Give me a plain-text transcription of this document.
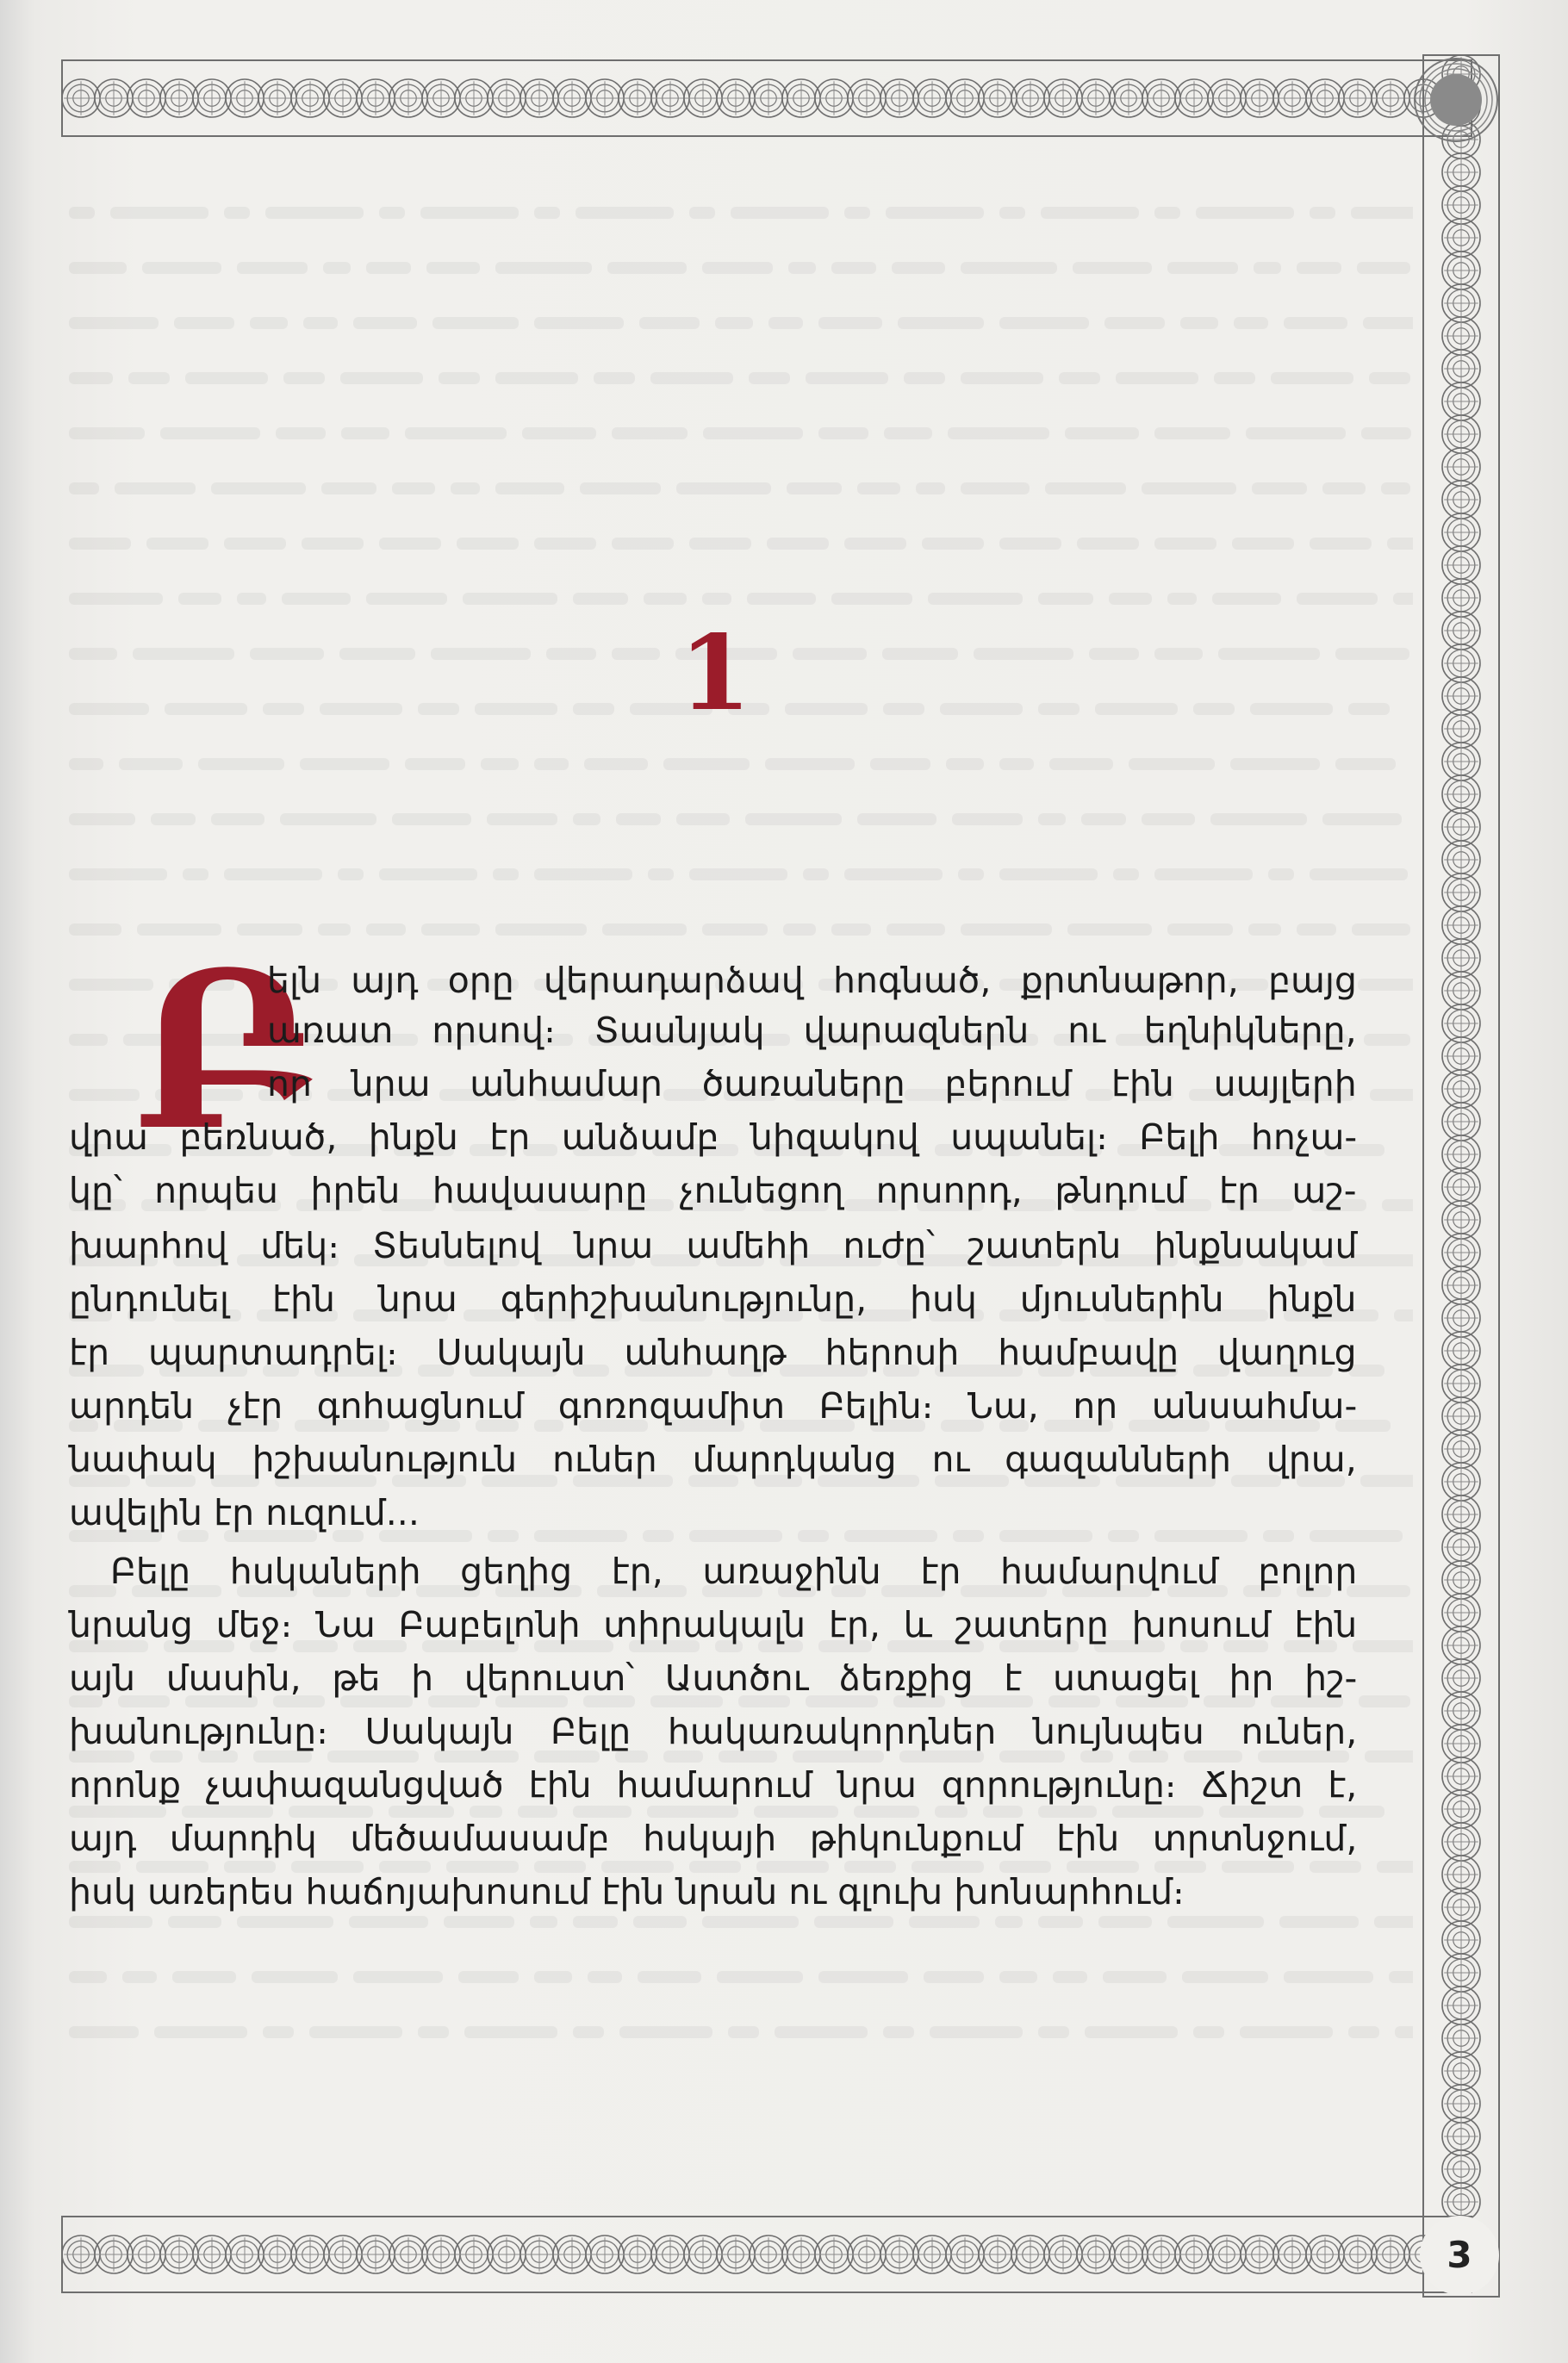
1
Բ
ելն այդ օրը վերադարձավ հոգնած, քրտնաթոր, բայց
առատ որսով։ Տասնյակ վարազներն ու եղնիկները,
որ նրա անհամար ծառաները բերում էին սայլերի
վրա բեռնած, ինքն էր անձամբ նիզակով սպանել։ Բելի հոչա-
կը՝ որպես իրեն հավասարը չունեցող որսորդ, թնդում էր աշ-
խարհով մեկ։ Տեսնելով նրա ամեհի ուժը՝ շատերն ինքնակամ
ընդունել էին նրա գերիշխանությունը, իսկ մյուսներին ինքն
էր պարտադրել։ Սակայն անհաղթ հերոսի համբավը վաղուց
արդեն չէր գոհացնում գոռոզամիտ Բելին։ Նա, որ անսահմա-
նափակ իշխանություն ուներ մարդկանց ու գազանների վրա,
ավելին էր ուզում...
Բելը հսկաների ցեղից էր, առաջինն էր համարվում բոլոր
նրանց մեջ։ Նա Բաբելոնի տիրակալն էր, և շատերը խոսում էին
այն մասին, թե ի վերուստ՝ Աստծու ձեռքից է ստացել իր իշ-
խանությունը։ Սակայն Բելը հակառակորդներ նույնպես ուներ,
որոնք չափազանցված էին համարում նրա զորությունը։ Ճիշտ է,
այդ մարդիկ մեծամասամբ հսկայի թիկունքում էին տրտնջում,
իսկ առերես հաճոյախոսում էին նրան ու գլուխ խոնարհում։
3
